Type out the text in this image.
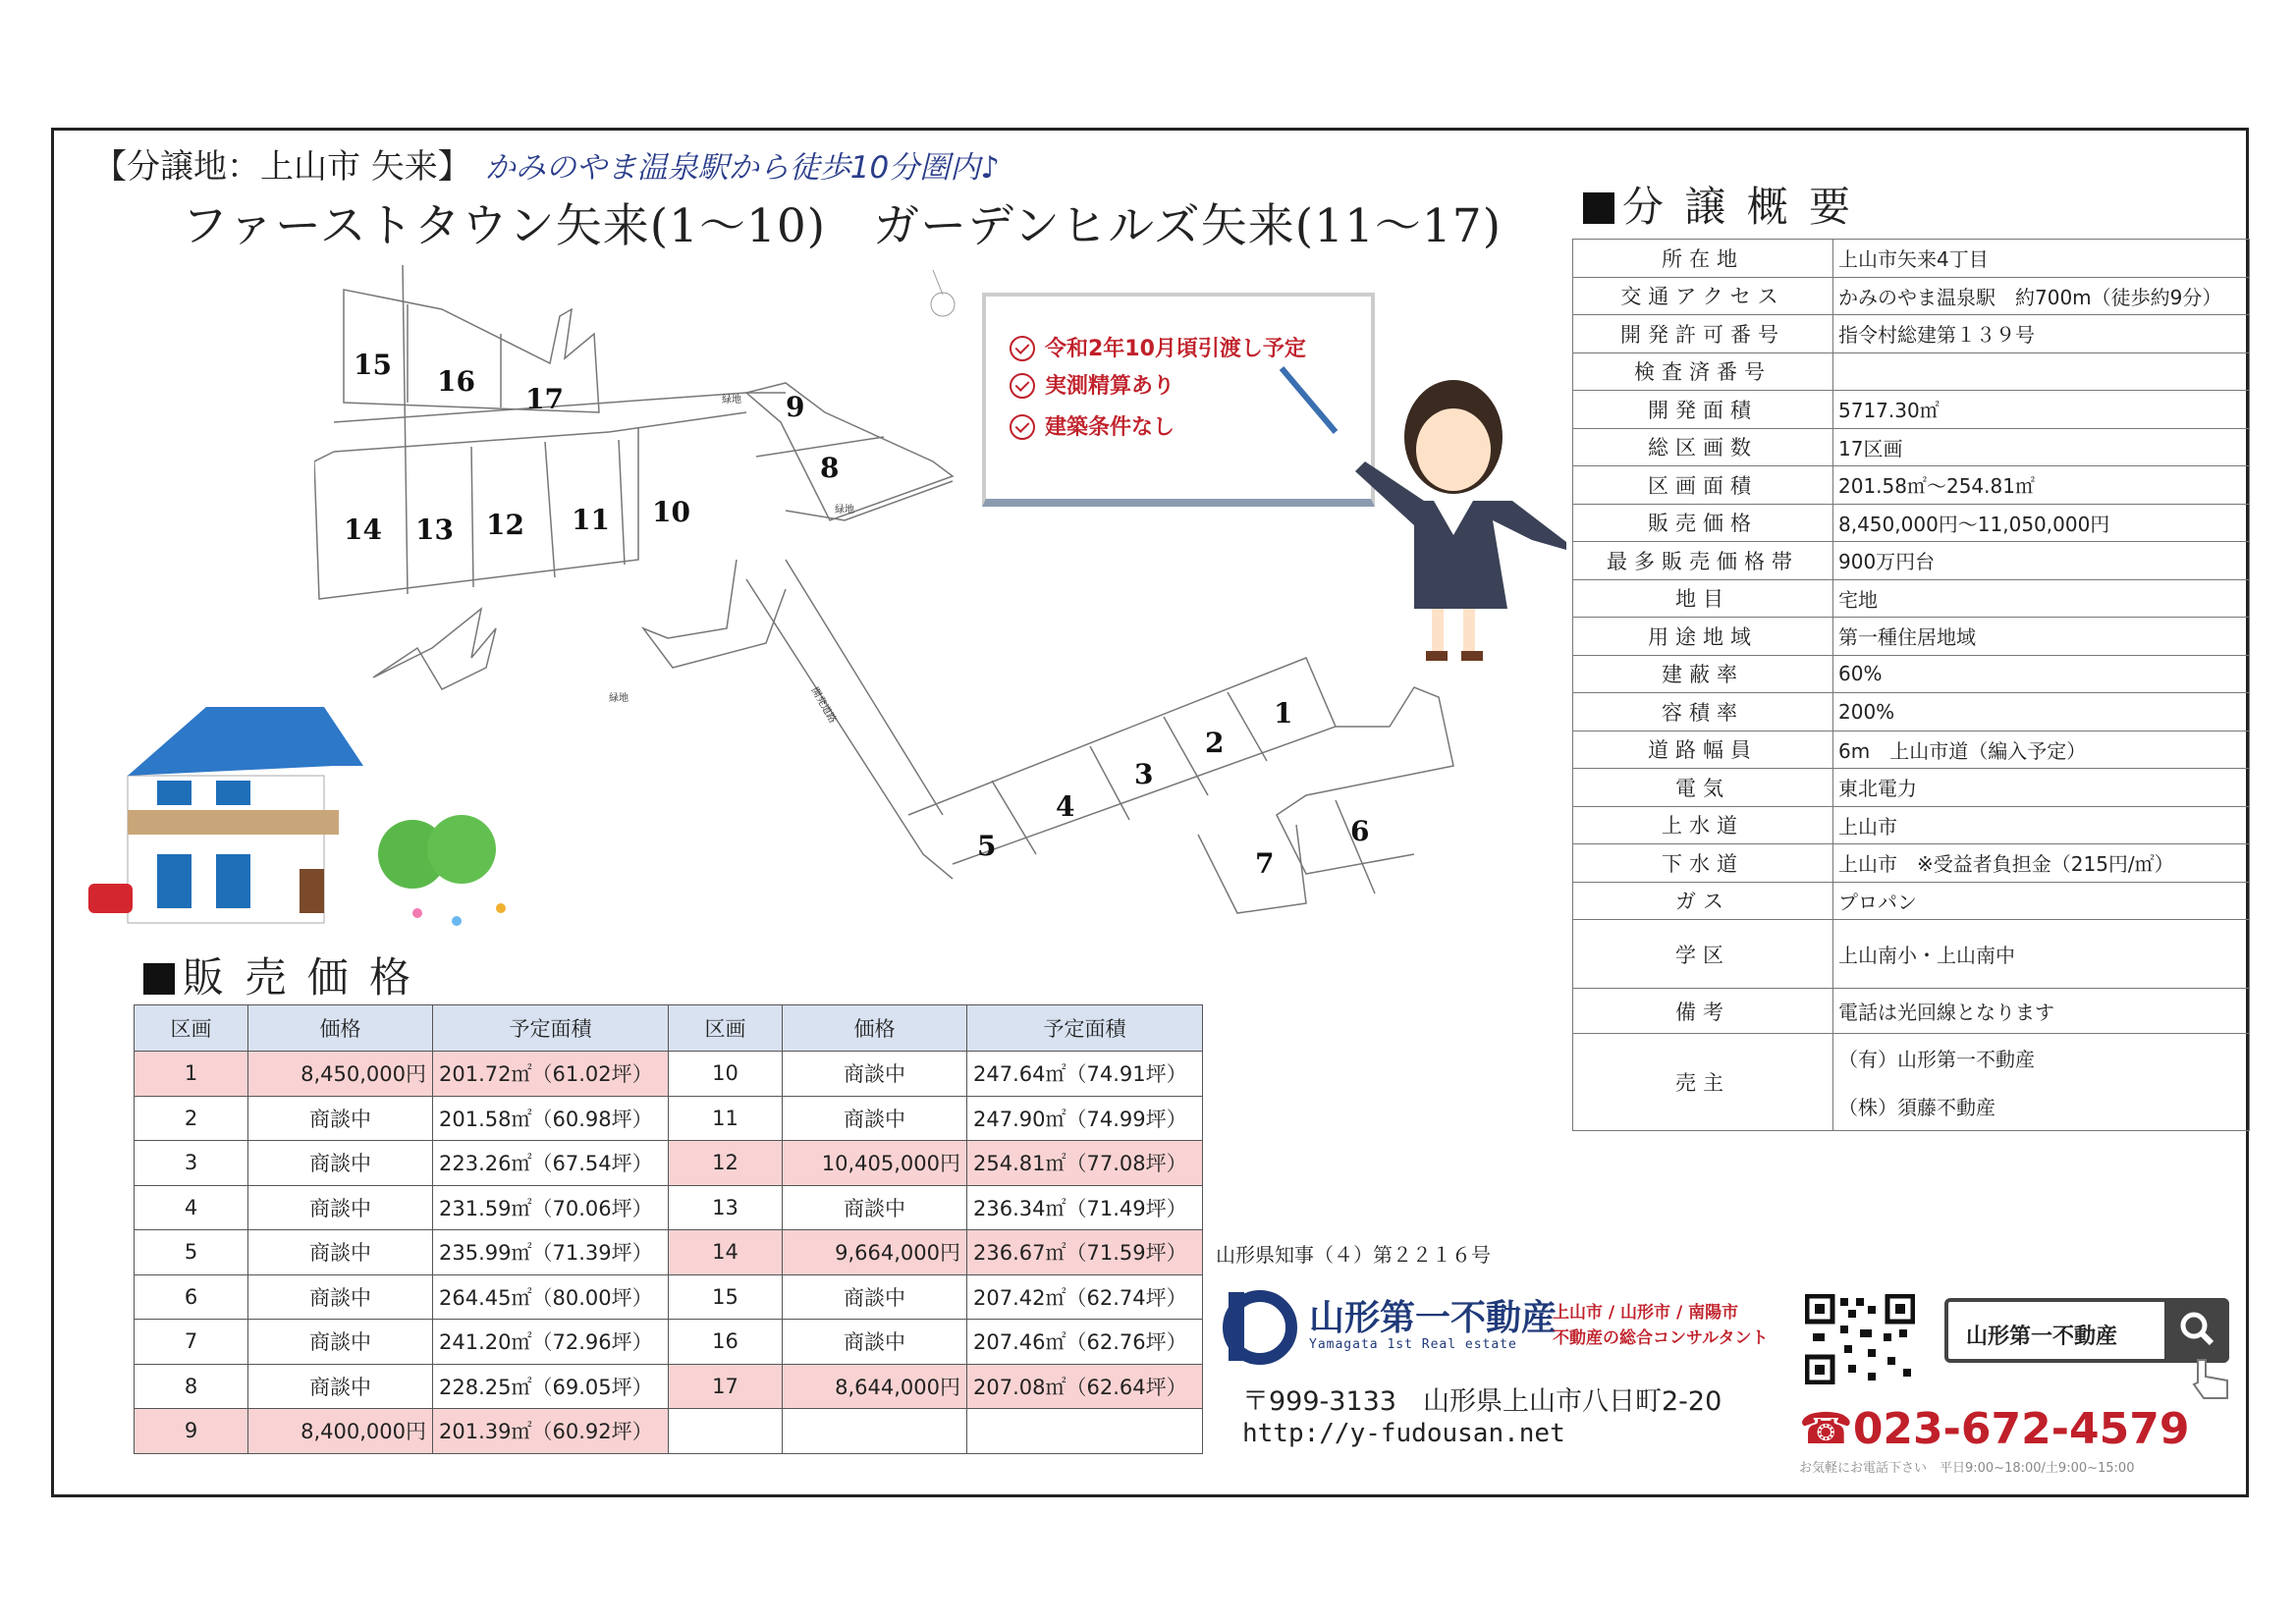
【分譲地：上山市 矢来】 かみのやま温泉駅から徒歩10分圏内♪
ファーストタウン矢来(1～10)　ガーデンヒルズ矢来(11～17)	分 譲 概 要
所在地	上山市矢来4丁目
交通アクセス	かみのやま温泉駅　約700m（徒歩約9分）
開発許可番号	指令村総建第１３９号
検査済番号	
開発面積	5717.30㎡
総区画数	17区画
区画面積	201.58㎡～254.81㎡
販売価格	8,450,000円～11,050,000円
最多販売価格帯	900万円台
地目	宅地
用途地域	第一種住居地域
建蔽率	60%
容積率	200%
道路幅員	6m　上山市道（編入予定）
電気	東北電力
上水道	上山市
下水道	上山市　※受益者負担金（215円/㎡）
ガス	プロパン
学区	上山南小・上山南中
備考	電話は光回線となります
売主	（有）山形第一不動産
（株）須藤不動産
15
16
17	9
8
14 13 12 11 10
1
2
3
4
5	6
7
緑地
緑地
緑地	開発道路
令和2年10月頃引渡し予定
実測精算あり
建築条件なし
販 売 価 格
区画	価格	予定面積	区画	価格	予定面積
1	8,450,000円	201.72㎡（61.02坪）	10	商談中	247.64㎡（74.91坪）
2	商談中	201.58㎡（60.98坪）	11	商談中	247.90㎡（74.99坪）
3	商談中	223.26㎡（67.54坪）	12	10,405,000円	254.81㎡（77.08坪）
4	商談中	231.59㎡（70.06坪）	13	商談中	236.34㎡（71.49坪）
5	商談中	235.99㎡（71.39坪）	14	9,664,000円	236.67㎡（71.59坪）
6	商談中	264.45㎡（80.00坪）	15	商談中	207.42㎡（62.74坪）
7	商談中	241.20㎡（72.96坪）	16	商談中	207.46㎡（62.76坪）
8	商談中	228.25㎡（69.05坪）	17	8,644,000円	207.08㎡（62.64坪）
9	8,400,000円	201.39㎡（60.92坪）			
山形県知事（４）第２２１６号
山形第一不動産
Yamagata 1st Real estate
上山市 / 山形市 / 南陽市
不動産の総合コンサルタント
〒999-3133　山形県上山市八日町2-20
http://y-fudousan.net
山形第一不動産
☎023-672-4579
お気軽にお電話下さい　平日9:00~18:00/土9:00~15:00
